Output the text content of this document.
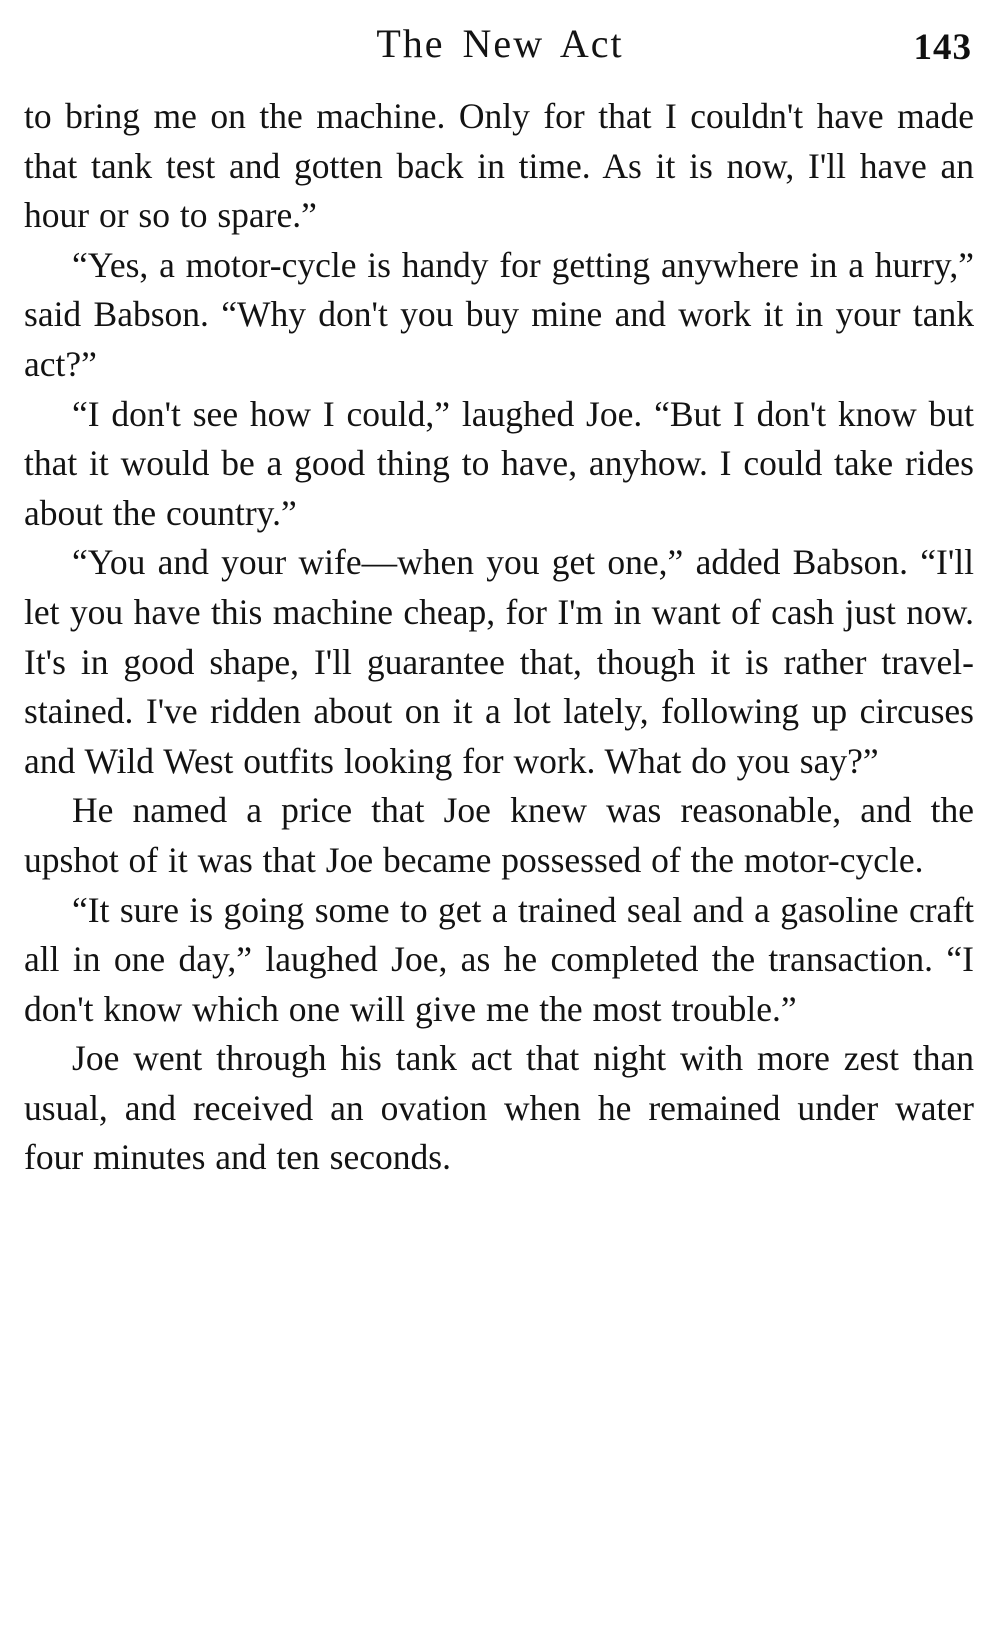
The New Act	143

to bring me on the machine. Only for that I couldn't have made that tank test and gotten back in time. As it is now, I'll have an hour or so to spare.”

“Yes, a motor-cycle is handy for getting anywhere in a hurry,” said Babson. “Why don't you buy mine and work it in your tank act?”

“I don't see how I could,” laughed Joe. “But I don't know but that it would be a good thing to have, anyhow. I could take rides about the country.”

“You and your wife—when you get one,” added Babson. “I'll let you have this machine cheap, for I'm in want of cash just now. It's in good shape, I'll guarantee that, though it is rather travel-stained. I've ridden about on it a lot lately, following up circuses and Wild West outfits looking for work. What do you say?”

He named a price that Joe knew was reasonable, and the upshot of it was that Joe became possessed of the motor-cycle.

“It sure is going some to get a trained seal and a gasoline craft all in one day,” laughed Joe, as he completed the transaction. “I don't know which one will give me the most trouble.”

Joe went through his tank act that night with more zest than usual, and received an ovation when he remained under water four minutes and ten seconds.
